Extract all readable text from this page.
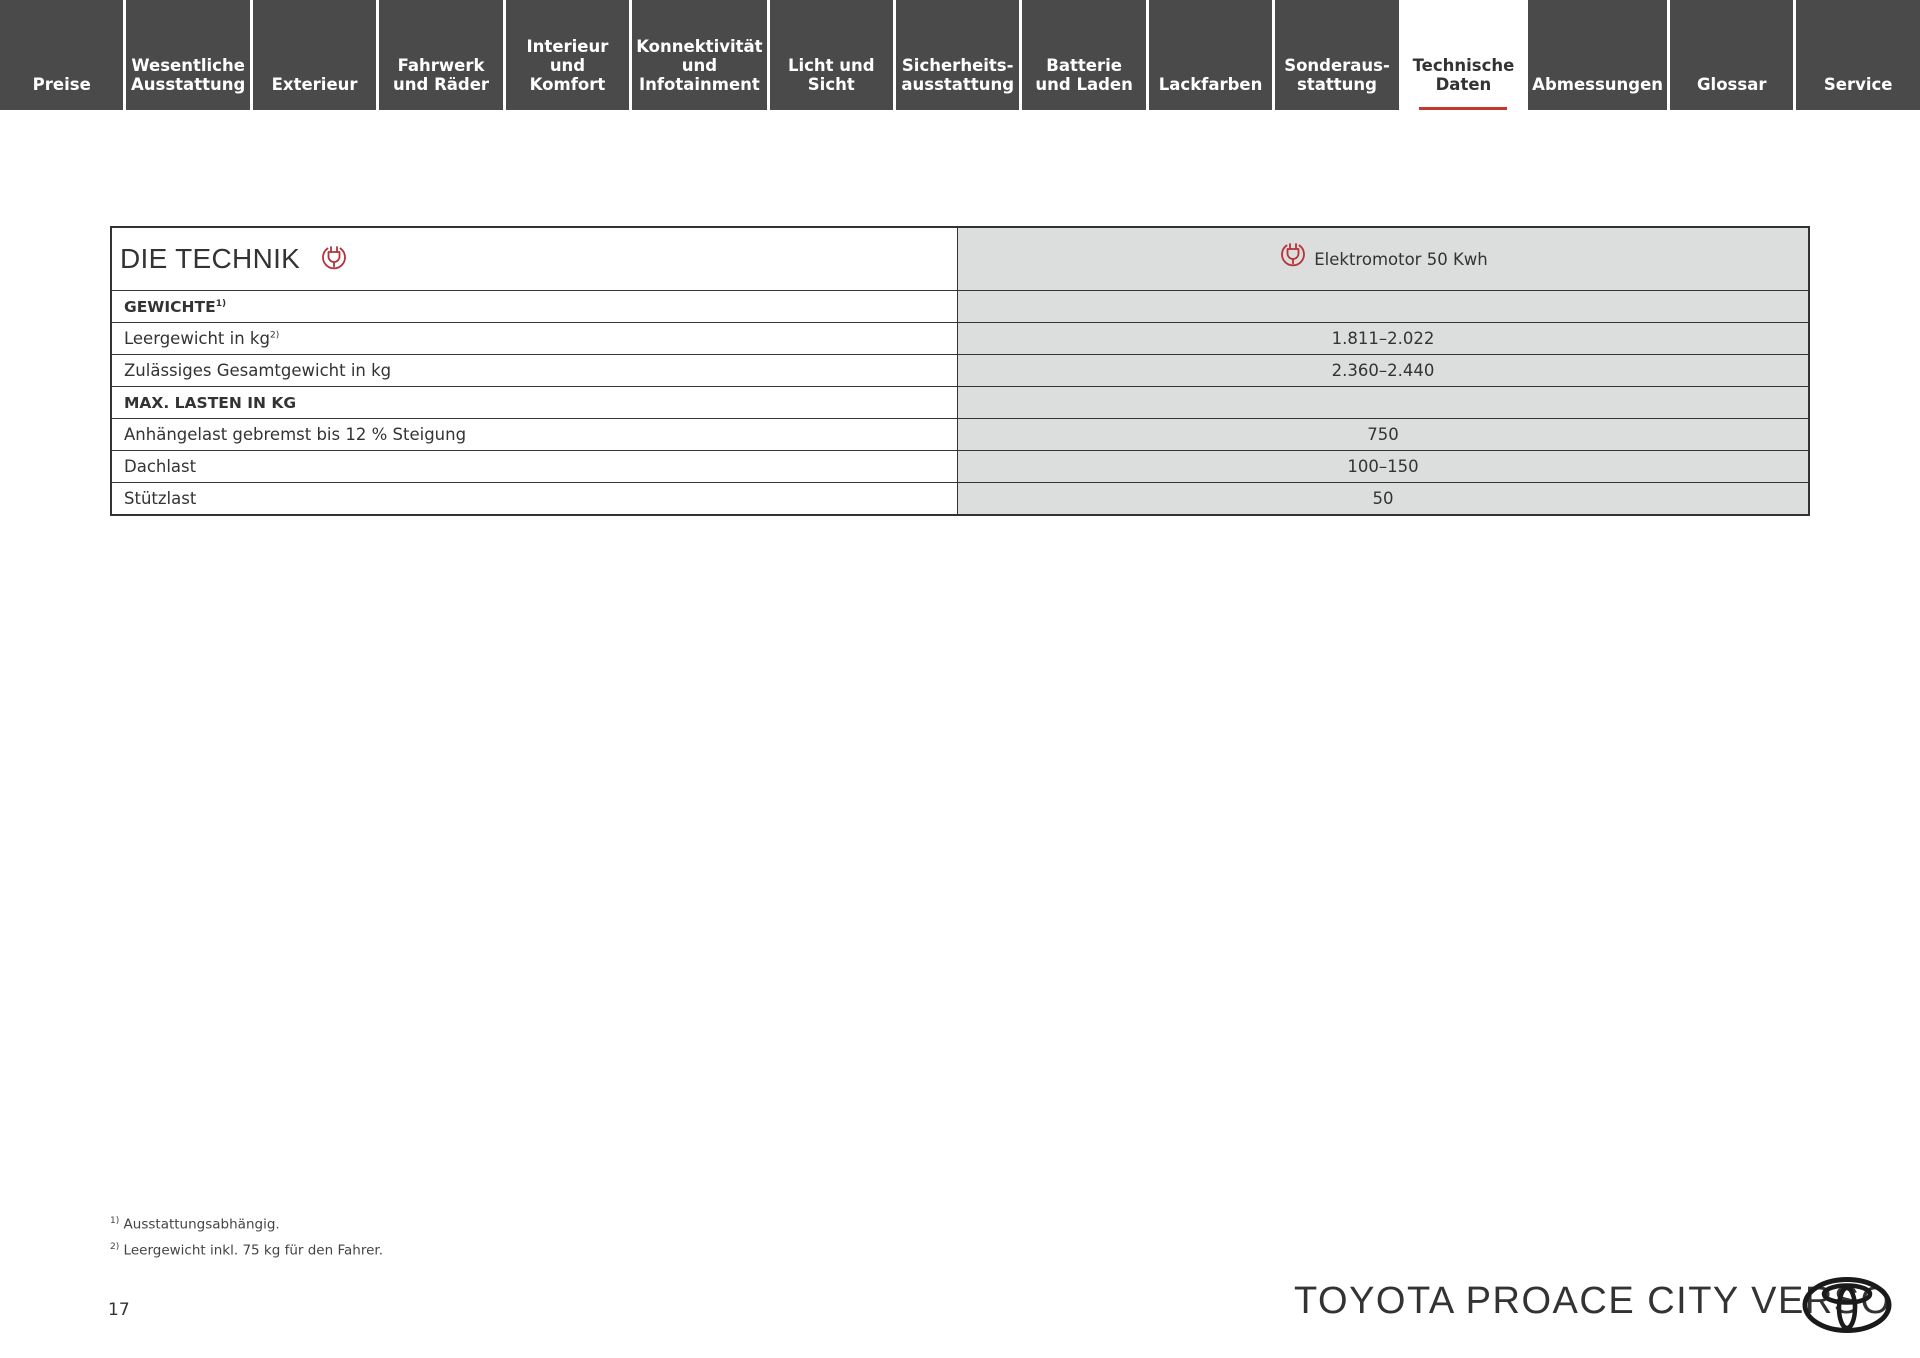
Preise
Wesentliche
Ausstattung	Exterieur
Fahrwerk
und Räder
Interieur und
Komfort
Konnektivität
und
Infotainment
Licht und Sicht
Sicherheits-
ausstattung
Batterie
und Laden	Lackfarben
Sonderaus-
stattung
Technische
Daten	Abmessungen	Glossar	Service
DIE TECHNIK	Elektromotor 50 Kwh

GEWICHTE$^{1)}$	
Leergewicht in $kg^{2)}$	1.811–2.022
Zulässiges Gesamtgewicht in kg	2.360–2.440
MAX. LASTEN IN KG	
Anhängelast gebremst bis 12 % Steigung	750
Dachlast	100–150
Stützlast	50
$^{1)}$ Ausstattungsabhängig.
$^{2)}$ Leergewicht inkl. 75 kg für den Fahrer.
17	TOYOTA PROACE CITY VERSO
